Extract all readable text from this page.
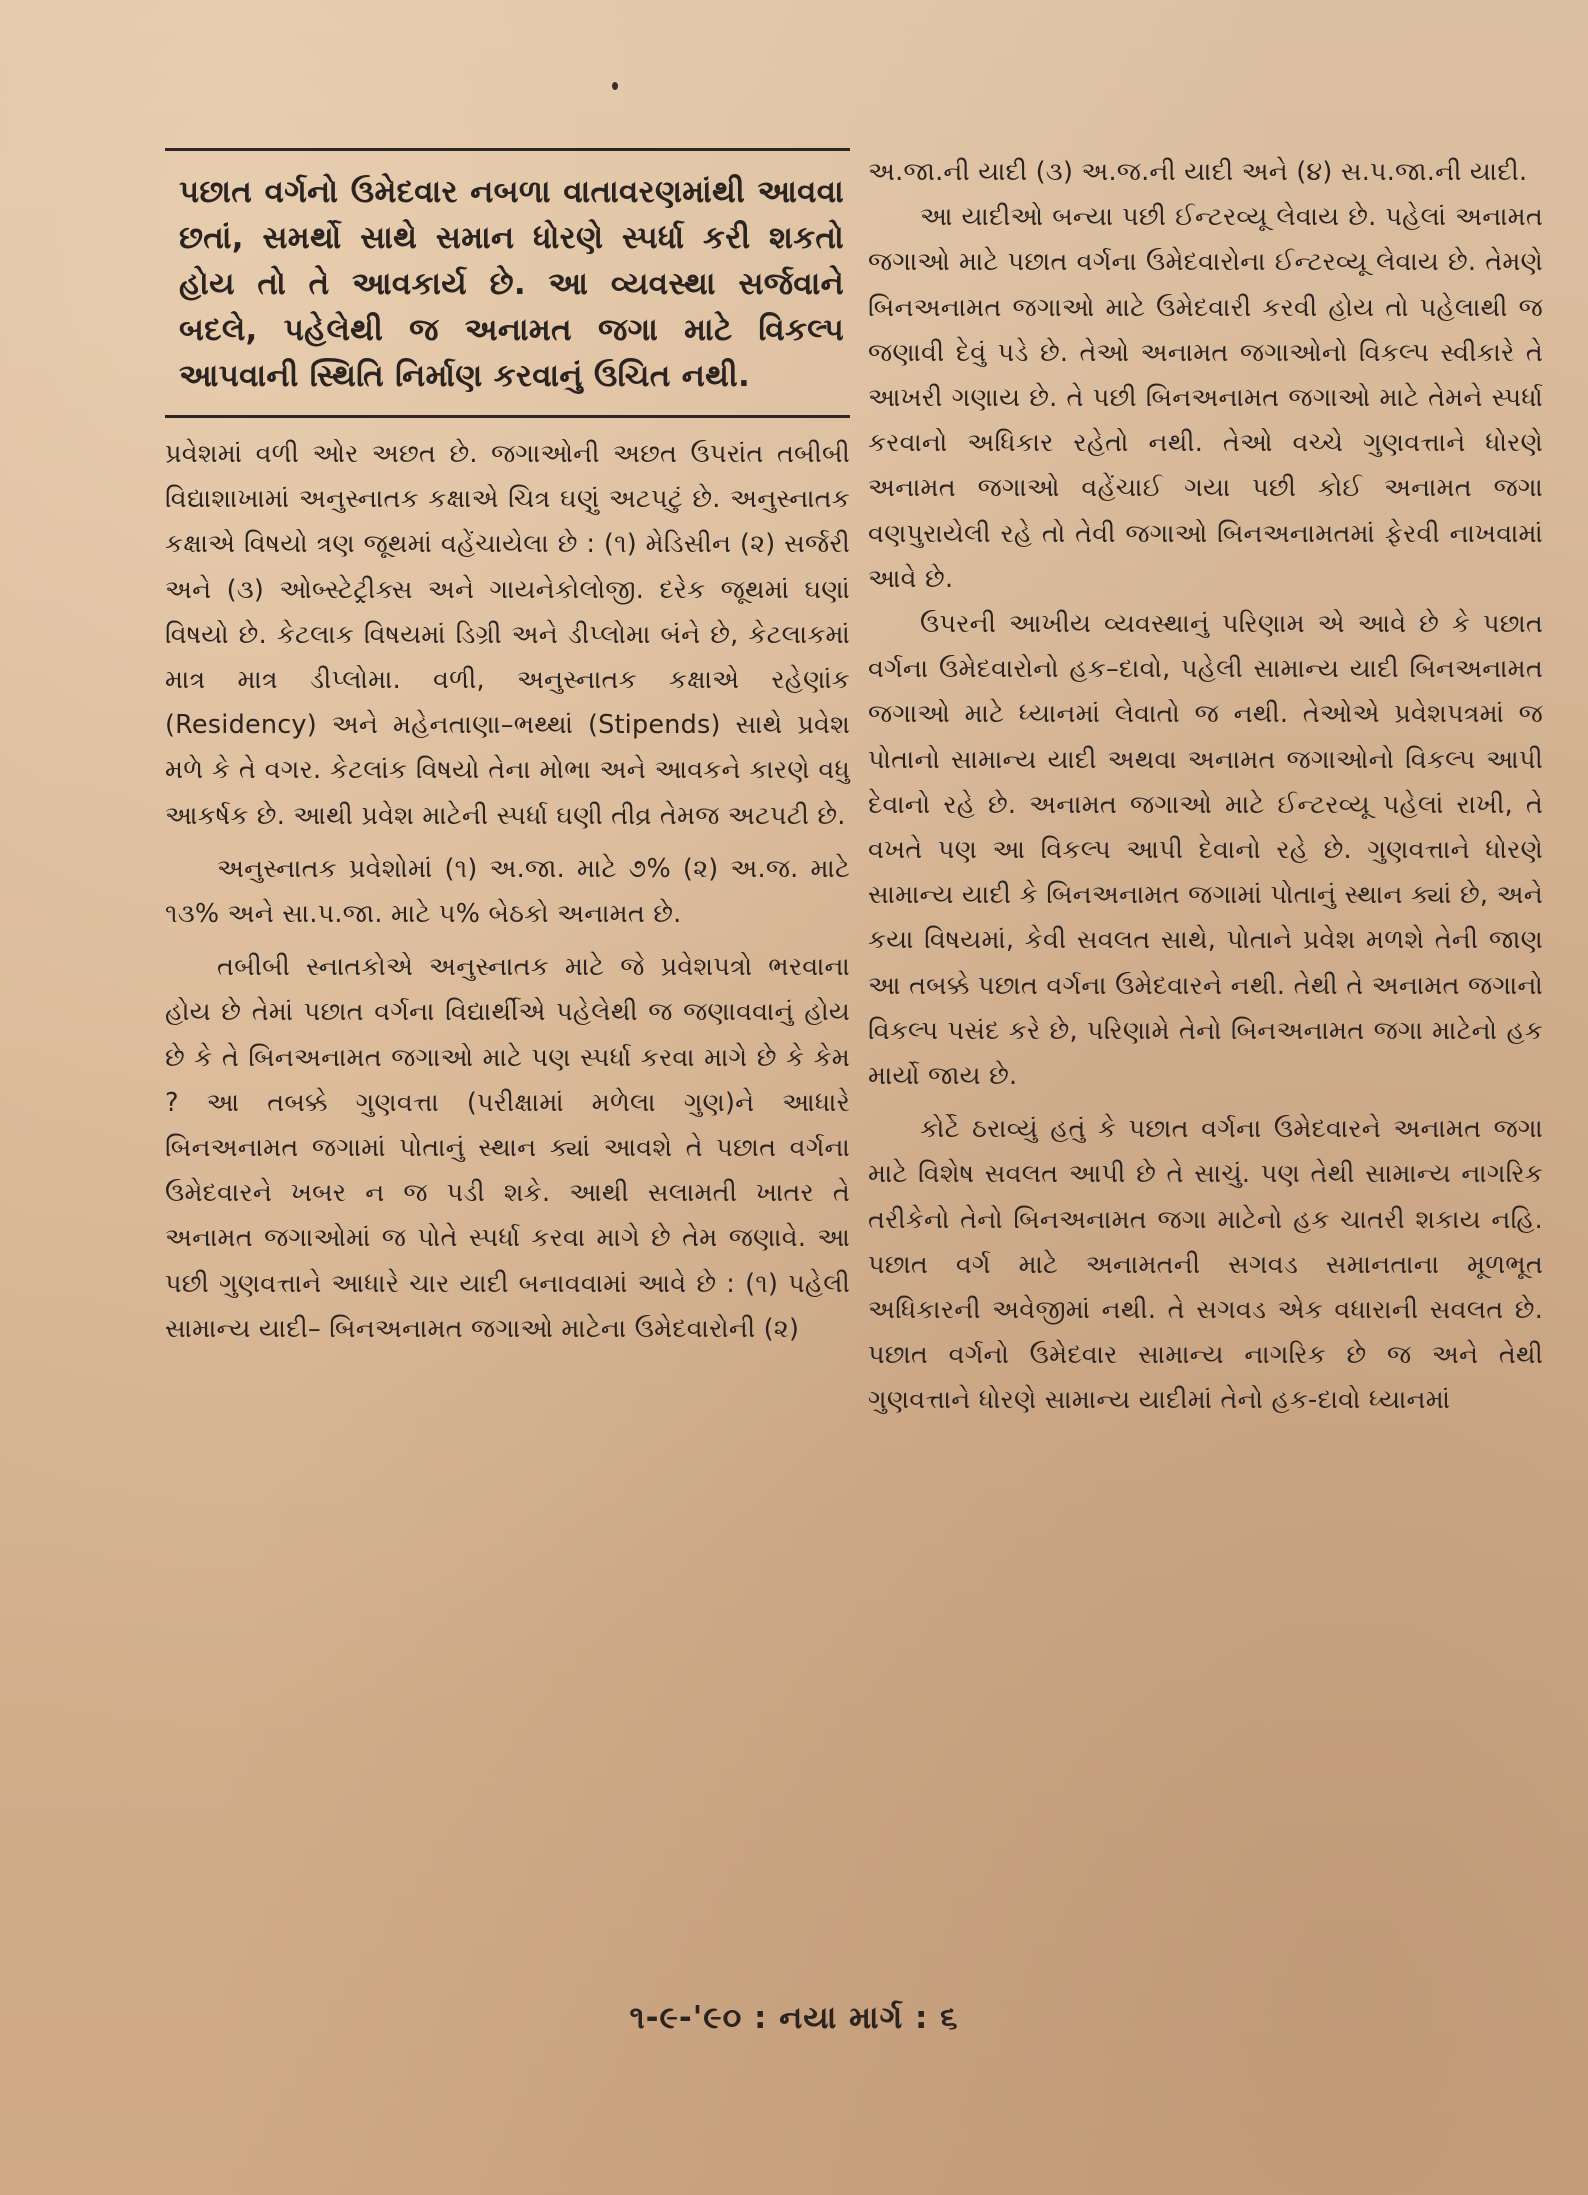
પછાત વર્ગનો ઉમેદવાર નબળા વાતાવરણમાંથી આવવા છતાં, સમર્થો સાથે સમાન ધોરણે સ્પર્ધા કરી શકતો હોય તો તે આવકાર્ય છે. આ વ્યવસ્થા સર્જવાને બદલે, પહેલેથી જ અનામત જગા માટે વિકલ્પ આપવાની સ્થિતિ નિર્માણ કરવાનું ઉચિત નથી.

પ્રવેશમાં વળી ઓર અછત છે. જગાઓની અછત ઉપરાંત તબીબી વિદ્યાશાખામાં અનુસ્નાતક કક્ષાએ ચિત્ર ઘણું અટપટું છે. અનુસ્નાતક કક્ષાએ વિષયો ત્રણ જૂથમાં વહેંચાયેલા છે : (૧) મેડિસીન (૨) સર્જરી અને (૩) ઓબ્સ્ટેટ્રીક્સ અને ગાયનેકોલોજી. દરેક જૂથમાં ઘણાં વિષયો છે. કેટલાક વિષયમાં ડિગ્રી અને ડીપ્લોમા બંને છે, કેટલાકમાં માત્ર માત્ર ડીપ્લોમા. વળી, અનુસ્નાતક કક્ષાએ રહેણાંક (Residency) અને મહેનતાણા–ભથ્થાં (Stipends) સાથે પ્રવેશ મળે કે તે વગર. કેટલાંક વિષયો તેના મોભા અને આવકને કારણે વધુ આકર્ષક છે. આથી પ્રવેશ માટેની સ્પર્ધા ઘણી તીવ્ર તેમજ અટપટી છે.

અનુસ્નાતક પ્રવેશોમાં (૧) અ.જા. માટે ૭% (૨) અ.જ. માટે ૧૩% અને સા.પ.જા. માટે ૫% બેઠકો અનામત છે.

તબીબી સ્નાતકોએ અનુસ્નાતક માટે જે પ્રવેશપત્રો ભરવાના હોય છે તેમાં પછાત વર્ગના વિદ્યાર્થીએ પહેલેથી જ જણાવવાનું હોય છે કે તે બિનઅનામત જગાઓ માટે પણ સ્પર્ધા કરવા માગે છે કે કેમ ? આ તબક્કે ગુણવત્તા (પરીક્ષામાં મળેલા ગુણ)ને આધારે બિનઅનામત જગામાં પોતાનું સ્થાન ક્યાં આવશે તે પછાત વર્ગના ઉમેદવારને ખબર ન જ પડી શકે. આથી સલામતી ખાતર તે અનામત જગાઓમાં જ પોતે સ્પર્ધા કરવા માગે છે તેમ જણાવે. આ પછી ગુણવત્તાને આધારે ચાર યાદી બનાવવામાં આવે છે : (૧) પહેલી સામાન્ય યાદી– બિનઅનામત જગાઓ માટેના ઉમેદવારોની (૨)

અ.જા.ની યાદી (૩) અ.જ.ની યાદી અને (૪) સ.પ.જા.ની યાદી.

આ યાદીઓ બન્યા પછી ઈન્ટરવ્યૂ લેવાય છે. પહેલાં અનામત જગાઓ માટે પછાત વર્ગના ઉમેદવારોના ઈન્ટરવ્યૂ લેવાય છે. તેમણે બિનઅનામત જગાઓ માટે ઉમેદવારી કરવી હોય તો પહેલાથી જ જણાવી દેવું પડે છે. તેઓ અનામત જગાઓનો વિકલ્પ સ્વીકારે તે આખરી ગણાય છે. તે પછી બિનઅનામત જગાઓ માટે તેમને સ્પર્ધા કરવાનો અધિકાર રહેતો નથી. તેઓ વચ્ચે ગુણવત્તાને ધોરણે અનામત જગાઓ વહેંચાઈ ગયા પછી કોઈ અનામત જગા વણપુરાયેલી રહે તો તેવી જગાઓ બિનઅનામતમાં ફેરવી નાખવામાં આવે છે.

ઉપરની આખીય વ્યવસ્થાનું પરિણામ એ આવે છે કે પછાત વર્ગના ઉમેદવારોનો હક–દાવો, પહેલી સામાન્ય યાદી બિનઅનામત જગાઓ માટે ધ્યાનમાં લેવાતો જ નથી. તેઓએ પ્રવેશપત્રમાં જ પોતાનો સામાન્ય યાદી અથવા અનામત જગાઓનો વિકલ્પ આપી દેવાનો રહે છે. અનામત જગાઓ માટે ઈન્ટરવ્યૂ પહેલાં રાખી, તે વખતે પણ આ વિકલ્પ આપી દેવાનો રહે છે. ગુણવત્તાને ધોરણે સામાન્ય યાદી કે બિનઅનામત જગામાં પોતાનું સ્થાન ક્યાં છે, અને કયા વિષયમાં, કેવી સવલત સાથે, પોતાને પ્રવેશ મળશે તેની જાણ આ તબક્કે પછાત વર્ગના ઉમેદવારને નથી. તેથી તે અનામત જગાનો વિકલ્પ પસંદ કરે છે, પરિણામે તેનો બિનઅનામત જગા માટેનો હક માર્યો જાય છે.

કોર્ટે ઠરાવ્યું હતું કે પછાત વર્ગના ઉમેદવારને અનામત જગા માટે વિશેષ સવલત આપી છે તે સાચું. પણ તેથી સામાન્ય નાગરિક તરીકેનો તેનો બિનઅનામત જગા માટેનો હક ચાતરી શકાય નહિ. પછાત વર્ગ માટે અનામતની સગવડ સમાનતાના મૂળભૂત અધિકારની અવેજીમાં નથી. તે સગવડ એક વધારાની સવલત છે. પછાત વર્ગનો ઉમેદવાર સામાન્ય નાગરિક છે જ અને તેથી ગુણવત્તાને ધોરણે સામાન્ય યાદીમાં તેનો હક-દાવો ધ્યાનમાં

૧-૯-'૯૦ : નયા માર્ગ : ૬
